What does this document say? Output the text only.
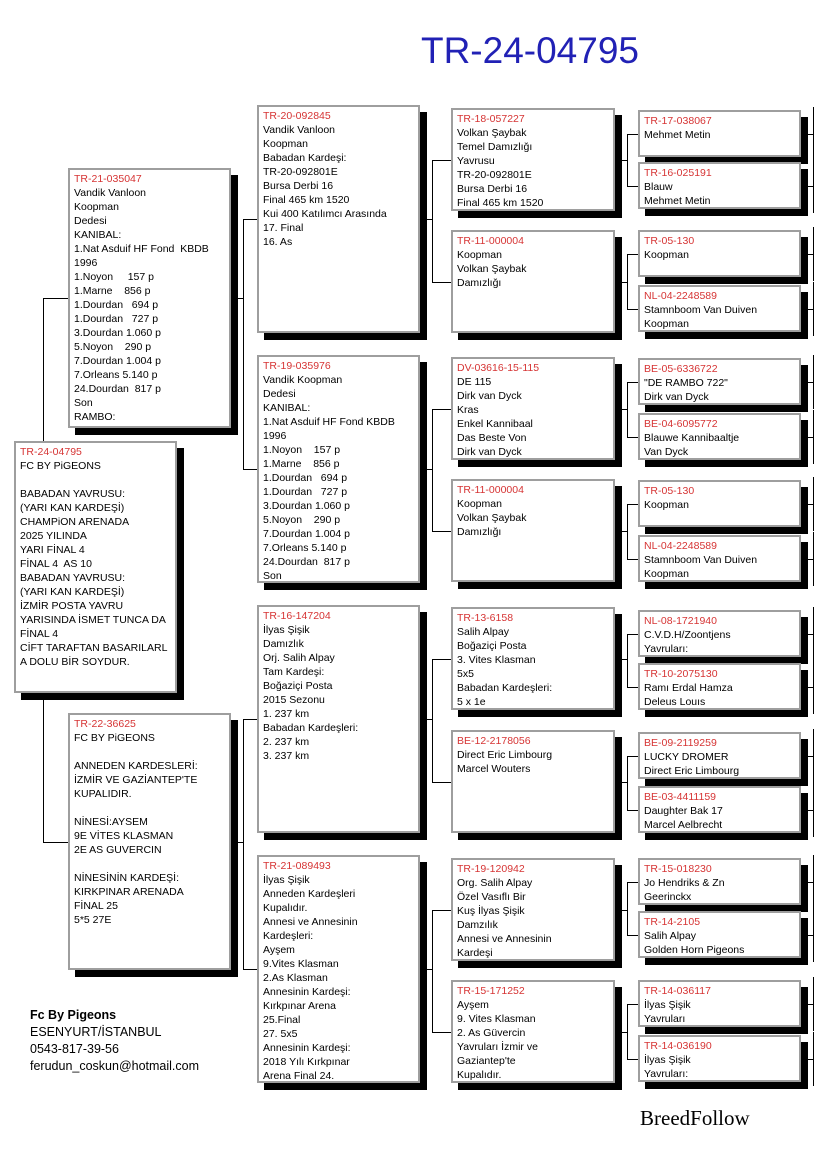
TR-24-04795
TR-24-04795
FC BY PiGEONS

BABADAN YAVRUSU:
(YARI KAN KARDEŞİ)
CHAMPiON ARENADA
2025 YILINDA
YARI FİNAL 4
FİNAL 4  AS 10
BABADAN YAVRUSU:
(YARI KAN KARDEŞİ)
İZMİR POSTA YAVRU
YARISINDA İSMET TUNCA DA
FİNAL 4
CİFT TARAFTAN BASARILARL
A DOLU BİR SOYDUR.
TR-21-035047
Vandik Vanloon
Koopman
Dedesi
KANIBAL:
1.Nat Asduif HF Fond  KBDB
1996
1.Noyon     157 p
1.Marne    856 p
1.Dourdan   694 p
1.Dourdan   727 p
3.Dourdan 1.060 p
5.Noyon    290 p
7.Dourdan 1.004 p
7.Orleans 5.140 p
24.Dourdan  817 p
Son
RAMBO:
TR-22-36625
FC BY PiGEONS

ANNEDEN KARDESLERİ:
İZMİR VE GAZİANTEP'TE
KUPALIDIR.

NİNESİ:AYSEM
9E VİTES KLASMAN
2E AS GUVERCIN

NİNESİNİN KARDEŞİ:
KIRKPINAR ARENADA
FİNAL 25
5*5 27E
TR-20-092845
Vandik Vanloon
Koopman
Babadan Kardeşi:
TR-20-092801E
Bursa Derbi 16
Final 465 km 1520
Kui 400 Katılımcı Arasında
17. Final
16. As
TR-19-035976
Vandik Koopman
Dedesi
KANIBAL:
1.Nat Asduif HF Fond KBDB
1996
1.Noyon    157 p
1.Marne    856 p
1.Dourdan   694 p
1.Dourdan   727 p
3.Dourdan 1.060 p
5.Noyon    290 p
7.Dourdan 1.004 p
7.Orleans 5.140 p
24.Dourdan  817 p
Son
TR-16-147204
İlyas Şişik
Damızlık
Orj. Salih Alpay
Tam Kardeşi:
Boğaziçi Posta
2015 Sezonu
1. 237 km
Babadan Kardeşleri:
2. 237 km
3. 237 km
TR-21-089493
İlyas Şişik
Anneden Kardeşleri
Kupalıdır.
Annesi ve Annesinin
Kardeşleri:
Ayşem
9.Vites Klasman
2.As Klasman
Annesinin Kardeşi:
Kırkpınar Arena
25.Final
27. 5x5
Annesinin Kardeşi:
2018 Yılı Kırkpınar
Arena Final 24.
TR-18-057227
Volkan Şaybak
Temel Damızlığı
Yavrusu
TR-20-092801E
Bursa Derbi 16
Final 465 km 1520
TR-11-000004
Koopman
Volkan Şaybak
Damızlığı
DV-03616-15-115
DE 115
Dirk van Dyck
Kras
Enkel Kannibaal
Das Beste Von
Dirk van Dyck
TR-11-000004
Koopman
Volkan Şaybak
Damızlığı
TR-13-6158
Salih Alpay
Boğaziçi Posta
3. Vites Klasman
5x5
Babadan Kardeşleri:
5 x 1e
BE-12-2178056
Direct Eric Limbourg
Marcel Wouters
TR-19-120942
Org. Salih Alpay
Özel Vasıflı Bir
Kuş İlyas Şişik
Damzılık
Annesi ve Annesinin
Kardeşi
TR-15-171252
Ayşem
9. Vites Klasman
2. As Güvercin
Yavruları İzmir ve
Gaziantep'te
Kupalıdır.
TR-17-038067
Mehmet Metin
TR-16-025191
Blauw
Mehmet Metin
TR-05-130
Koopman
NL-04-2248589
Stamnboom Van Duiven
Koopman
BE-05-6336722
"DE RAMBO 722"
Dirk van Dyck
BE-04-6095772
Blauwe Kannibaaltje
Van Dyck
TR-05-130
Koopman
NL-04-2248589
Stamnboom Van Duiven
Koopman
NL-08-1721940
C.V.D.H/Zoontjens
Yavruları:
TR-10-2075130
Ramı Erdal Hamza
Deleus Louıs
BE-09-2119259
LUCKY DROMER
Direct Eric Limbourg
BE-03-4411159
Daughter Bak 17
Marcel Aelbrecht
TR-15-018230
Jo Hendriks & Zn
Geerinckx
TR-14-2105
Salih Alpay
Golden Horn Pigeons
TR-14-036117
İlyas Şişik
Yavruları
TR-14-036190
İlyas Şişik
Yavruları:
Fc By Pigeons
ESENYURT/İSTANBUL
0543-817-39-56
ferudun_coskun@hotmail.com
BreedFollow
